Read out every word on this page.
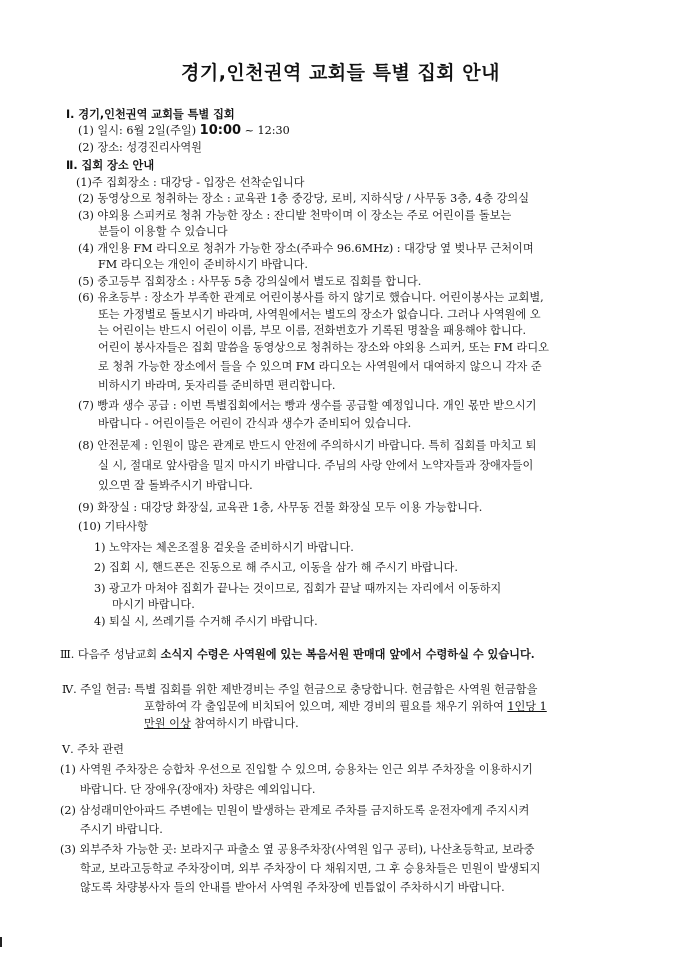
경기,인천권역 교회들 특별 집회 안내
Ⅰ. 경기,인천권역 교회들 특별 집회
(1) 일시: 6월 2일(주일) 10:00 ~ 12:30
(2) 장소: 성경진리사역원
Ⅱ. 집회 장소 안내
(1)주 집회장소 : 대강당 - 입장은 선착순입니다
(2) 동영상으로 청취하는 장소 : 교육관 1층 중강당, 로비, 지하식당 / 사무동 3층, 4층 강의실
(3) 야외용 스피커로 청취 가능한 장소 : 잔디밭 천막이며 이 장소는 주로 어린이를 돌보는
분들이 이용할 수 있습니다
(4) 개인용 FM 라디오로 청취가 가능한 장소(주파수 96.6MHz) : 대강당 옆 벚나무 근처이며
FM 라디오는 개인이 준비하시기 바랍니다.
(5) 중고등부 집회장소 : 사무동 5층 강의실에서 별도로 집회를 합니다.
(6) 유초등부 : 장소가 부족한 관계로 어린이봉사를 하지 않기로 했습니다. 어린이봉사는 교회별,
또는 가정별로 돌보시기 바라며, 사역원에서는 별도의 장소가 없습니다. 그러나 사역원에 오
는 어린이는 반드시 어린이 이름, 부모 이름, 전화번호가 기록된 명찰을 패용해야 합니다.
어린이 봉사자들은 집회 말씀을 동영상으로 청취하는 장소와 야외용 스피커, 또는 FM 라디오
로 청취 가능한 장소에서 들을 수 있으며 FM 라디오는 사역원에서 대여하지 않으니 각자 준
비하시기 바라며, 돗자리를 준비하면 편리합니다.
(7) 빵과 생수 공급 : 이번 특별집회에서는 빵과 생수를 공급할 예정입니다. 개인 몫만 받으시기
바랍니다 - 어린이들은 어린이 간식과 생수가 준비되어 있습니다.
(8) 안전문제 : 인원이 많은 관계로 반드시 안전에 주의하시기 바랍니다. 특히 집회를 마치고 퇴
실 시, 절대로 앞사람을 밀지 마시기 바랍니다. 주님의 사랑 안에서 노약자들과 장애자들이
있으면 잘 돌봐주시기 바랍니다.
(9) 화장실 : 대강당 화장실, 교육관 1층, 사무동 건물 화장실 모두 이용 가능합니다.
(10) 기타사항
1) 노약자는 체온조절용 겉옷을 준비하시기 바랍니다.
2) 집회 시, 핸드폰은 진동으로 해 주시고, 이동을 삼가 해 주시기 바랍니다.
3) 광고가 마쳐야 집회가 끝나는 것이므로, 집회가 끝날 때까지는 자리에서 이동하지
마시기 바랍니다.
4) 퇴실 시, 쓰레기를 수거해 주시기 바랍니다.
Ⅲ. 다음주 성남교회 소식지 수령은 사역원에 있는 복음서원 판매대 앞에서 수령하실 수 있습니다.
Ⅳ. 주일 헌금: 특별 집회를 위한 제반경비는 주일 헌금으로 충당합니다. 헌금함은 사역원 헌금함을
포함하여 각 출입문에 비치되어 있으며, 제반 경비의 필요를 채우기 위하여 1인당 1
만원 이상 참여하시기 바랍니다.
Ⅴ. 주차 관련
(1) 사역원 주차장은 승합차 우선으로 진입할 수 있으며, 승용차는 인근 외부 주차장을 이용하시기
바랍니다. 단 장애우(장애자) 차량은 예외입니다.
(2) 삼성래미안아파드 주변에는 민원이 발생하는 관계로 주차를 금지하도록 운전자에게 주지시켜
주시기 바랍니다.
(3) 외부주차 가능한 곳: 보라지구 파출소 옆 공용주차장(사역원 입구 공터), 나산초등학교, 보라중
학교, 보라고등학교 주차장이며, 외부 주차장이 다 채워지면, 그 후 승용차들은 민원이 발생되지
않도록 차량봉사자 들의 안내를 받아서 사역원 주차장에 빈틈없이 주차하시기 바랍니다.
